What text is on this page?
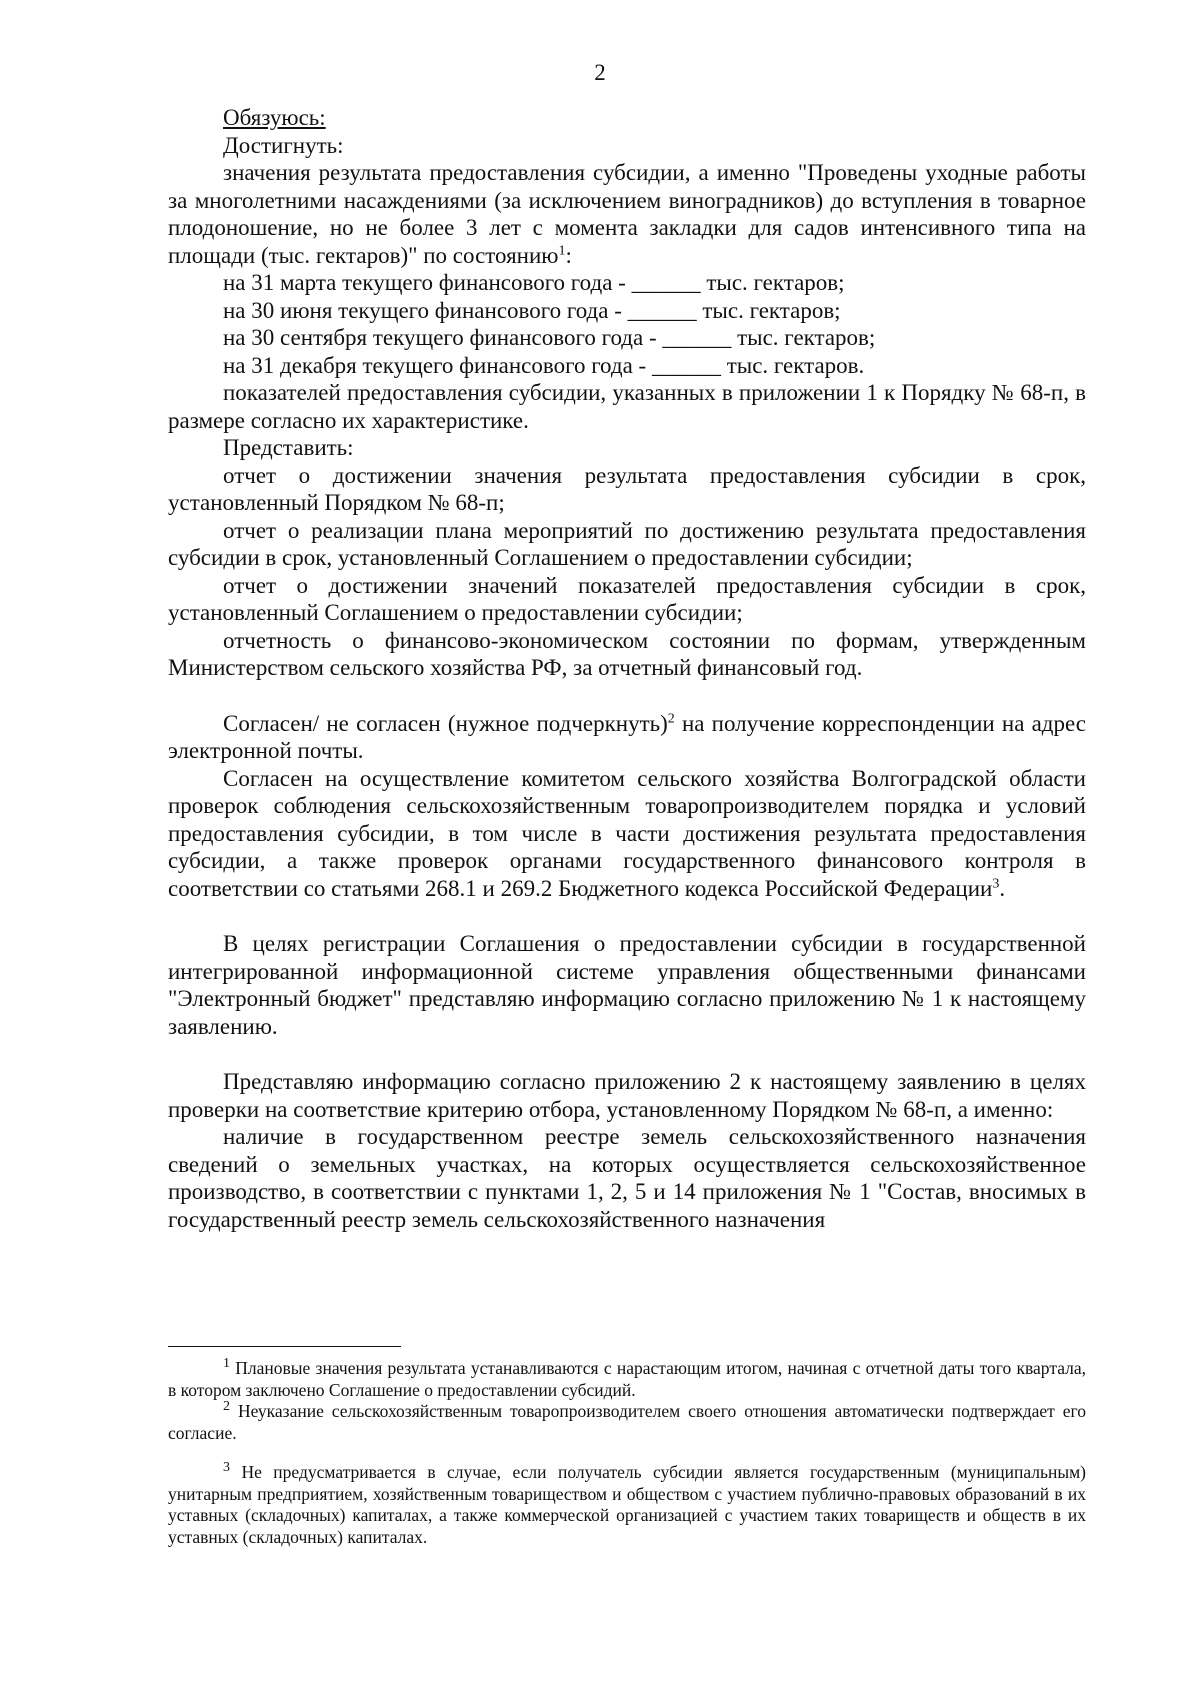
2

Обязуюсь:

Достигнуть:

значения результата предоставления субсидии, а именно "Проведены уходные работы за многолетними насаждениями (за исключением виноградников) до вступления в товарное плодоношение, но не более 3 лет с момента закладки для садов интенсивного типа на площади (тыс. гектаров)" по состоянию$^1$:

на 31 марта текущего финансового года - ______ тыс. гектаров;

на 30 июня текущего финансового года - ______ тыс. гектаров;

на 30 сентября текущего финансового года - ______ тыс. гектаров;

на 31 декабря текущего финансового года - ______ тыс. гектаров.

показателей предоставления субсидии, указанных в приложении 1 к Порядку № 68-п, в размере согласно их характеристике.

Представить:

отчет о достижении значения результата предоставления субсидии в срок, установленный Порядком № 68-п;

отчет о реализации плана мероприятий по достижению результата предоставления субсидии в срок, установленный Соглашением о предоставлении субсидии;

отчет о достижении значений показателей предоставления субсидии в срок, установленный Соглашением о предоставлении субсидии;

отчетность о финансово-экономическом состоянии по формам, утвержденным Министерством сельского хозяйства РФ, за отчетный финансовый год.

Согласен/ не согласен (нужное подчеркнуть)$^2$ на получение корреспонденции на адрес электронной почты.

Согласен на осуществление комитетом сельского хозяйства Волгоградской области проверок соблюдения сельскохозяйственным товаропроизводителем порядка и условий предоставления субсидии, в том числе в части достижения результата предоставления субсидии, а также проверок органами государственного финансового контроля в соответствии со статьями 268.1 и 269.2 Бюджетного кодекса Российской Федерации$^3$.

В целях регистрации Соглашения о предоставлении субсидии в государственной интегрированной информационной системе управления общественными финансами "Электронный бюджет" представляю информацию согласно приложению № 1 к настоящему заявлению.

Представляю информацию согласно приложению 2 к настоящему заявлению в целях проверки на соответствие критерию отбора, установленному Порядком № 68-п, а именно:

наличие в государственном реестре земель сельскохозяйственного назначения сведений о земельных участках, на которых осуществляется сельскохозяйственное производство, в соответствии с пунктами 1, 2, 5 и 14 приложения № 1 "Состав, вносимых в государственный реестр земель сельскохозяйственного назначения

$^1$ Плановые значения результата устанавливаются с нарастающим итогом, начиная с отчетной даты того квартала, в котором заключено Соглашение о предоставлении субсидий.

$^2$ Неуказание сельскохозяйственным товаропроизводителем своего отношения автоматически подтверждает его согласие.

$^3$ Не предусматривается в случае, если получатель субсидии является государственным (муниципальным) унитарным предприятием, хозяйственным товариществом и обществом с участием публично-правовых образований в их уставных (складочных) капиталах, а также коммерческой организацией с участием таких товариществ и обществ в их уставных (складочных) капиталах.
